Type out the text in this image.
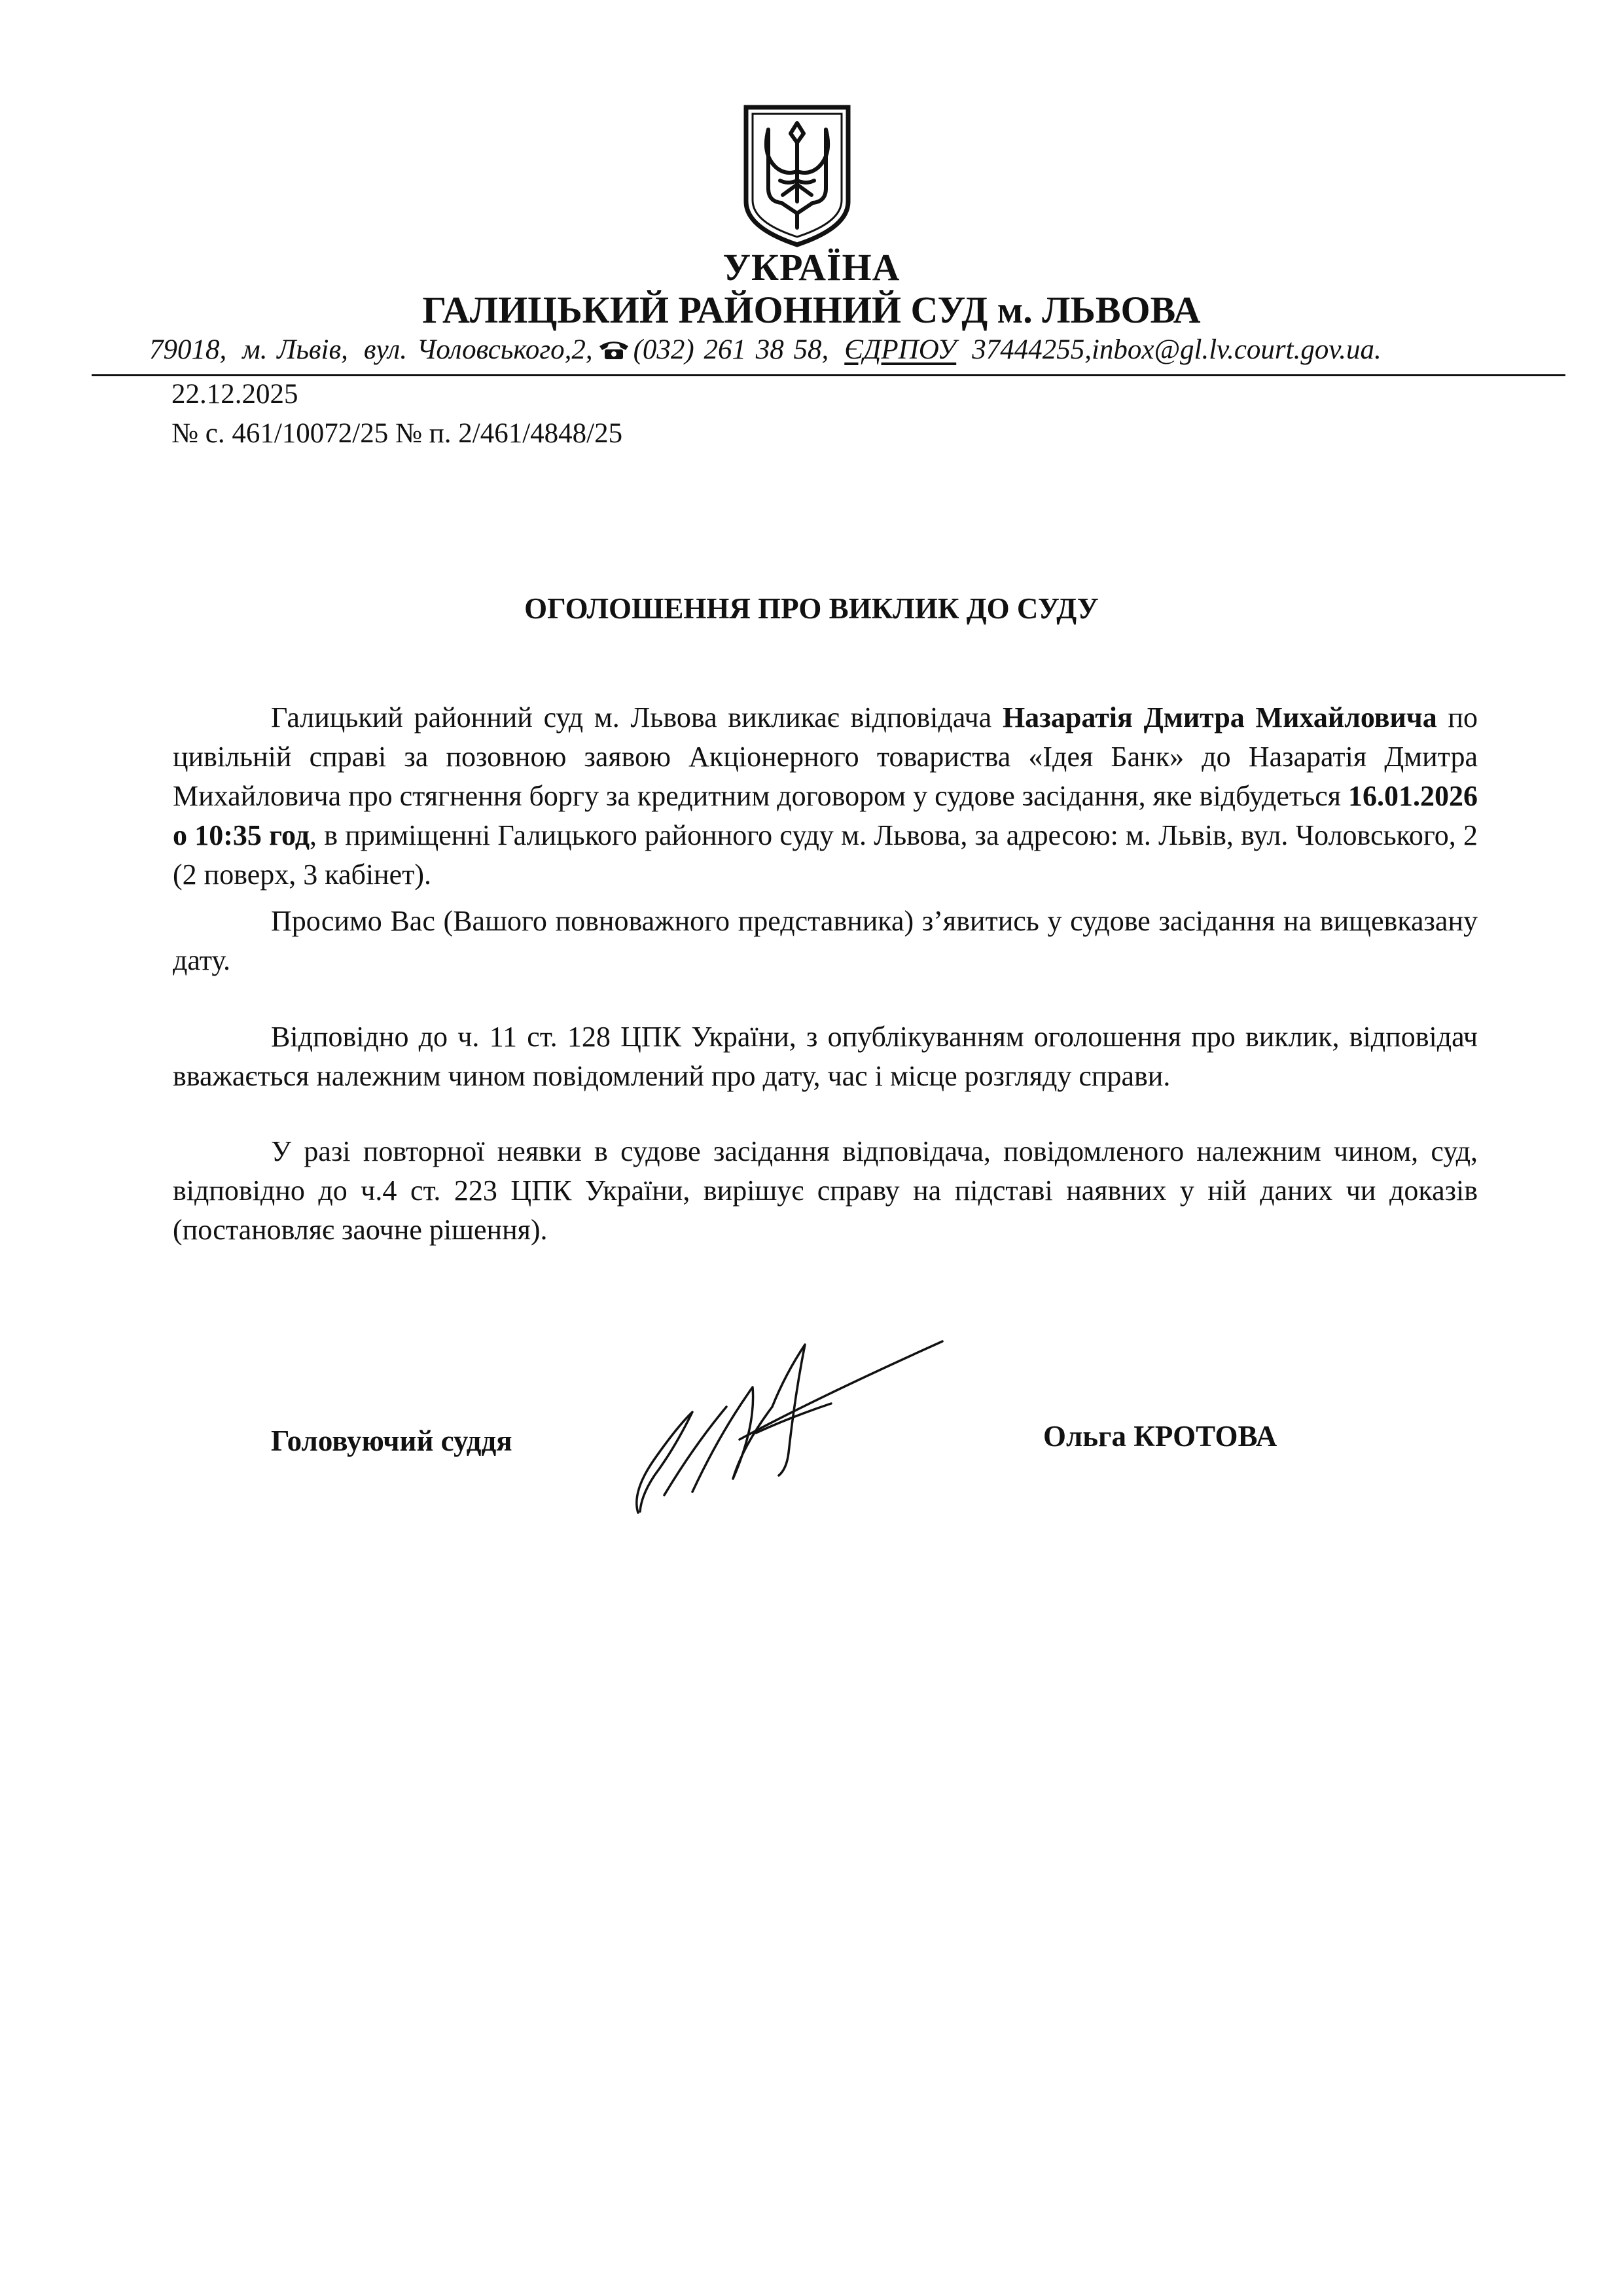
УКРАЇНА
ГАЛИЦЬКИЙ РАЙОННИЙ СУД м. ЛЬВОВА
79018, м. Львів, вул. Чоловського,2, (032) 261 38 58, ЄДРПОУ 37444255,inbox@gl.lv.court.gov.ua.
22.12.2025
№ с. 461/10072/25 № п. 2/461/4848/25
ОГОЛОШЕННЯ ПРО ВИКЛИК ДО СУДУ

Галицький районний суд м. Львова викликає відповідача Назаратія Дмитра Михайловича по цивільній справі за позовною заявою Акціонерного товариства «Ідея Банк» до Назаратія Дмитра Михайловича про стягнення боргу за кредитним договором у судове засідання, яке відбудеться 16.01.2026 о 10:35 год, в приміщенні Галицького районного суду м. Львова, за адресою: м. Львів, вул. Чоловського, 2 (2 поверх, 3 кабінет).

Просимо Вас (Вашого повноважного представника) з’явитись у судове засідання на вищевказану дату.

Відповідно до ч. 11 ст. 128 ЦПК України, з опублікуванням оголошення про виклик, відповідач вважається належним чином повідомлений про дату, час і місце розгляду справи.

У разі повторної неявки в судове засідання відповідача, повідомленого належним чином, суд, відповідно до ч.4 ст. 223 ЦПК України, вирішує справу на підставі наявних у ній даних чи доказів (постановляє заочне рішення).

Головуючий суддя	Ольга КРОТОВА
